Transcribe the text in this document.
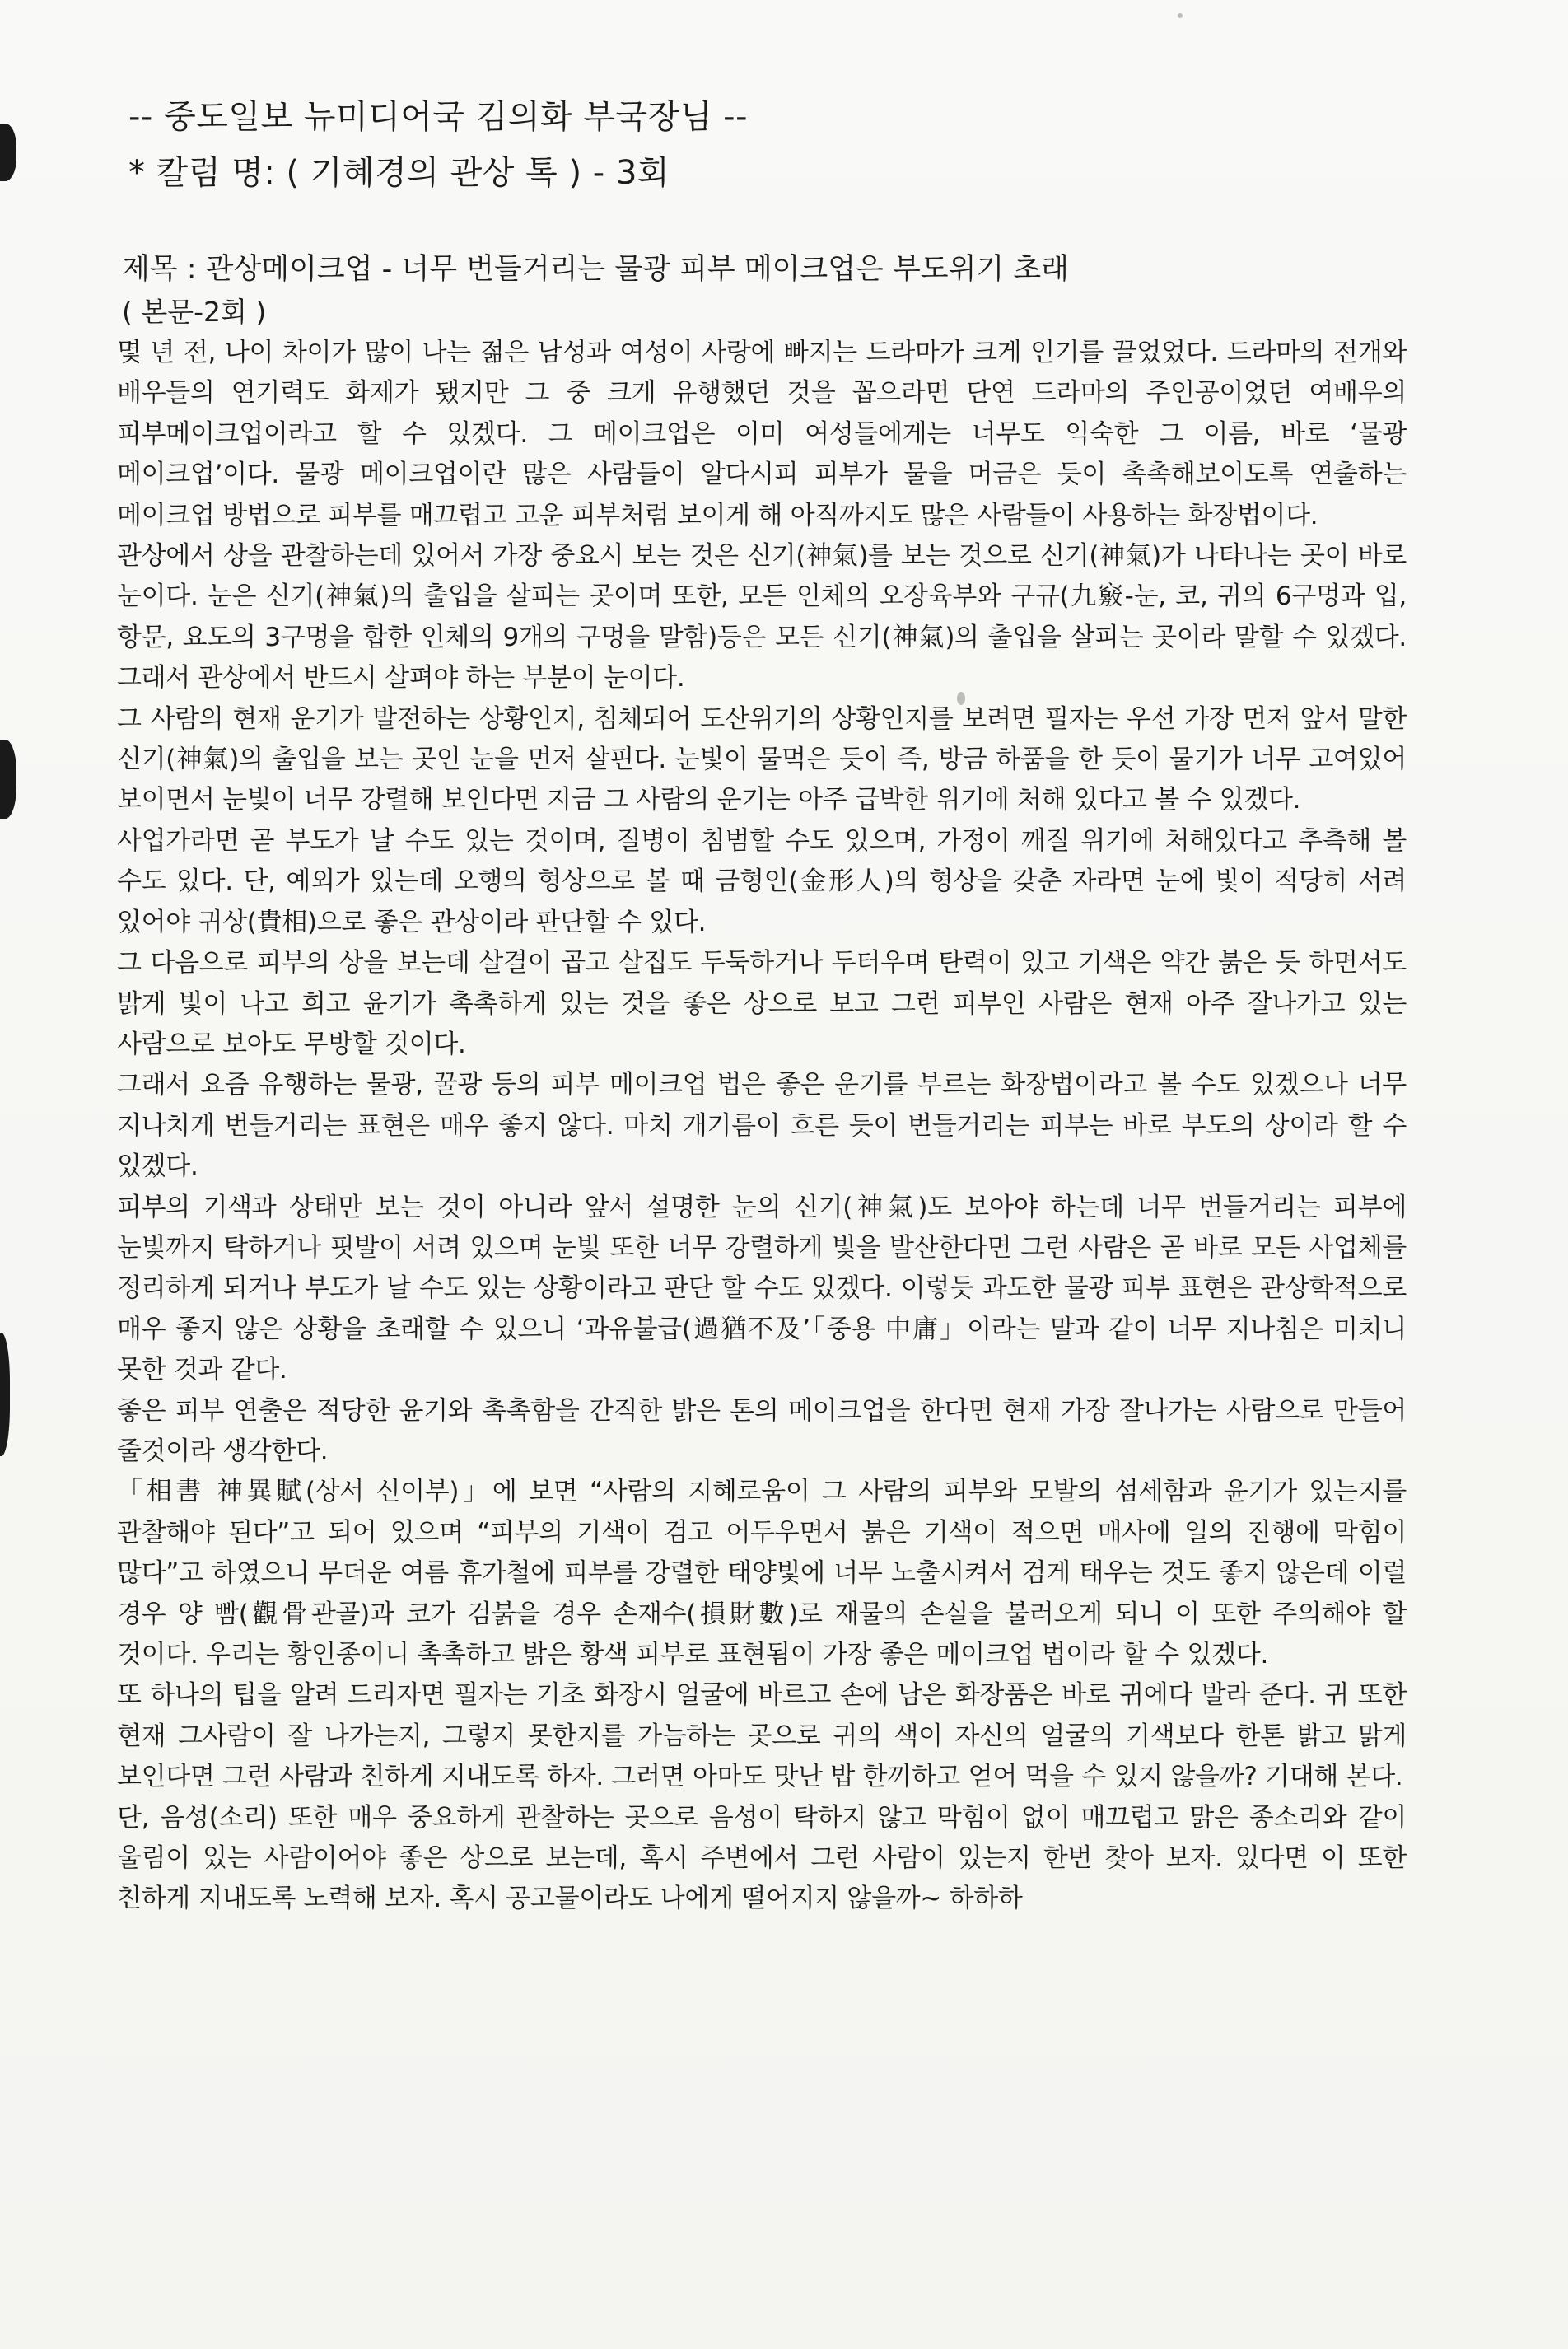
-- 중도일보 뉴미디어국 김의화 부국장님 --
* 칼럼 명: ( 기혜경의 관상 톡 ) - 3회
제목 : 관상메이크업 - 너무 번들거리는 물광 피부 메이크업은 부도위기 초래
( 본문-2회 )
몇 년 전, 나이 차이가 많이 나는 젊은 남성과 여성이 사랑에 빠지는 드라마가 크게 인기를 끌었었다. 드라마의 전개와 배우들의 연기력도 화제가 됐지만 그 중 크게 유행했던 것을 꼽으라면 단연 드라마의 주인공이었던 여배우의 피부메이크업이라고 할 수 있겠다. 그 메이크업은 이미 여성들에게는 너무도 익숙한 그 이름, 바로 ‘물광 메이크업’이다. 물광 메이크업이란 많은 사람들이 알다시피 피부가 물을 머금은 듯이 촉촉해보이도록 연출하는 메이크업 방법으로 피부를 매끄럽고 고운 피부처럼 보이게 해 아직까지도 많은 사람들이 사용하는 화장법이다.
관상에서 상을 관찰하는데 있어서 가장 중요시 보는 것은 신기(神氣)를 보는 것으로 신기(神氣)가 나타나는 곳이 바로 눈이다. 눈은 신기(神氣)의 출입을 살피는 곳이며 또한, 모든 인체의 오장육부와 구규(九竅-눈, 코, 귀의 6구멍과 입, 항문, 요도의 3구멍을 합한 인체의 9개의 구멍을 말함)등은 모든 신기(神氣)의 출입을 살피는 곳이라 말할 수 있겠다. 그래서 관상에서 반드시 살펴야 하는 부분이 눈이다.
그 사람의 현재 운기가 발전하는 상황인지, 침체되어 도산위기의 상황인지를 보려면 필자는 우선 가장 먼저 앞서 말한 신기(神氣)의 출입을 보는 곳인 눈을 먼저 살핀다. 눈빛이 물먹은 듯이 즉, 방금 하품을 한 듯이 물기가 너무 고여있어 보이면서 눈빛이 너무 강렬해 보인다면 지금 그 사람의 운기는 아주 급박한 위기에 처해 있다고 볼 수 있겠다.
사업가라면 곧 부도가 날 수도 있는 것이며, 질병이 침범할 수도 있으며, 가정이 깨질 위기에 처해있다고 추측해 볼 수도 있다. 단, 예외가 있는데 오행의 형상으로 볼 때 금형인(金形人)의 형상을 갖춘 자라면 눈에 빛이 적당히 서려 있어야 귀상(貴相)으로 좋은 관상이라 판단할 수 있다.
그 다음으로 피부의 상을 보는데 살결이 곱고 살집도 두둑하거나 두터우며 탄력이 있고 기색은 약간 붉은 듯 하면서도 밝게 빛이 나고 희고 윤기가 촉촉하게 있는 것을 좋은 상으로 보고 그런 피부인 사람은 현재 아주 잘나가고 있는 사람으로 보아도 무방할 것이다.
그래서 요즘 유행하는 물광, 꿀광 등의 피부 메이크업 법은 좋은 운기를 부르는 화장법이라고 볼 수도 있겠으나 너무 지나치게 번들거리는 표현은 매우 좋지 않다. 마치 개기름이 흐른 듯이 번들거리는 피부는 바로 부도의 상이라 할 수 있겠다.
피부의 기색과 상태만 보는 것이 아니라 앞서 설명한 눈의 신기(神氣)도 보아야 하는데 너무 번들거리는 피부에 눈빛까지 탁하거나 핏발이 서려 있으며 눈빛 또한 너무 강렬하게 빛을 발산한다면 그런 사람은 곧 바로 모든 사업체를 정리하게 되거나 부도가 날 수도 있는 상황이라고 판단 할 수도 있겠다. 이렇듯 과도한 물광 피부 표현은 관상학적으로 매우 좋지 않은 상황을 초래할 수 있으니 ‘과유불급(過猶不及’「중용 中庸」이라는 말과 같이 너무 지나침은 미치니 못한 것과 같다.
좋은 피부 연출은 적당한 윤기와 촉촉함을 간직한 밝은 톤의 메이크업을 한다면 현재 가장 잘나가는 사람으로 만들어 줄것이라 생각한다.
「相書 神異賦(상서 신이부)」에 보면 “사람의 지혜로움이 그 사람의 피부와 모발의 섬세함과 윤기가 있는지를 관찰해야 된다”고 되어 있으며 “피부의 기색이 검고 어두우면서 붉은 기색이 적으면 매사에 일의 진행에 막힘이 많다”고 하였으니 무더운 여름 휴가철에 피부를 강렬한 태양빛에 너무 노출시켜서 검게 태우는 것도 좋지 않은데 이럴 경우 양 빰(觀骨관골)과 코가 검붉을 경우 손재수(損財數)로 재물의 손실을 불러오게 되니 이 또한 주의해야 할 것이다. 우리는 황인종이니 촉촉하고 밝은 황색 피부로 표현됨이 가장 좋은 메이크업 법이라 할 수 있겠다.
또 하나의 팁을 알려 드리자면 필자는 기초 화장시 얼굴에 바르고 손에 남은 화장품은 바로 귀에다 발라 준다. 귀 또한 현재 그사람이 잘 나가는지, 그렇지 못한지를 가늠하는 곳으로 귀의 색이 자신의 얼굴의 기색보다 한톤 밝고 맑게 보인다면 그런 사람과 친하게 지내도록 하자. 그러면 아마도 맛난 밥 한끼하고 얻어 먹을 수 있지 않을까? 기대해 본다.
단, 음성(소리) 또한 매우 중요하게 관찰하는 곳으로 음성이 탁하지 않고 막힘이 없이 매끄럽고 맑은 종소리와 같이 울림이 있는 사람이어야 좋은 상으로 보는데, 혹시 주변에서 그런 사람이 있는지 한번 찾아 보자. 있다면 이 또한 친하게 지내도록 노력해 보자. 혹시 공고물이라도 나에게 떨어지지 않을까~ 하하하
